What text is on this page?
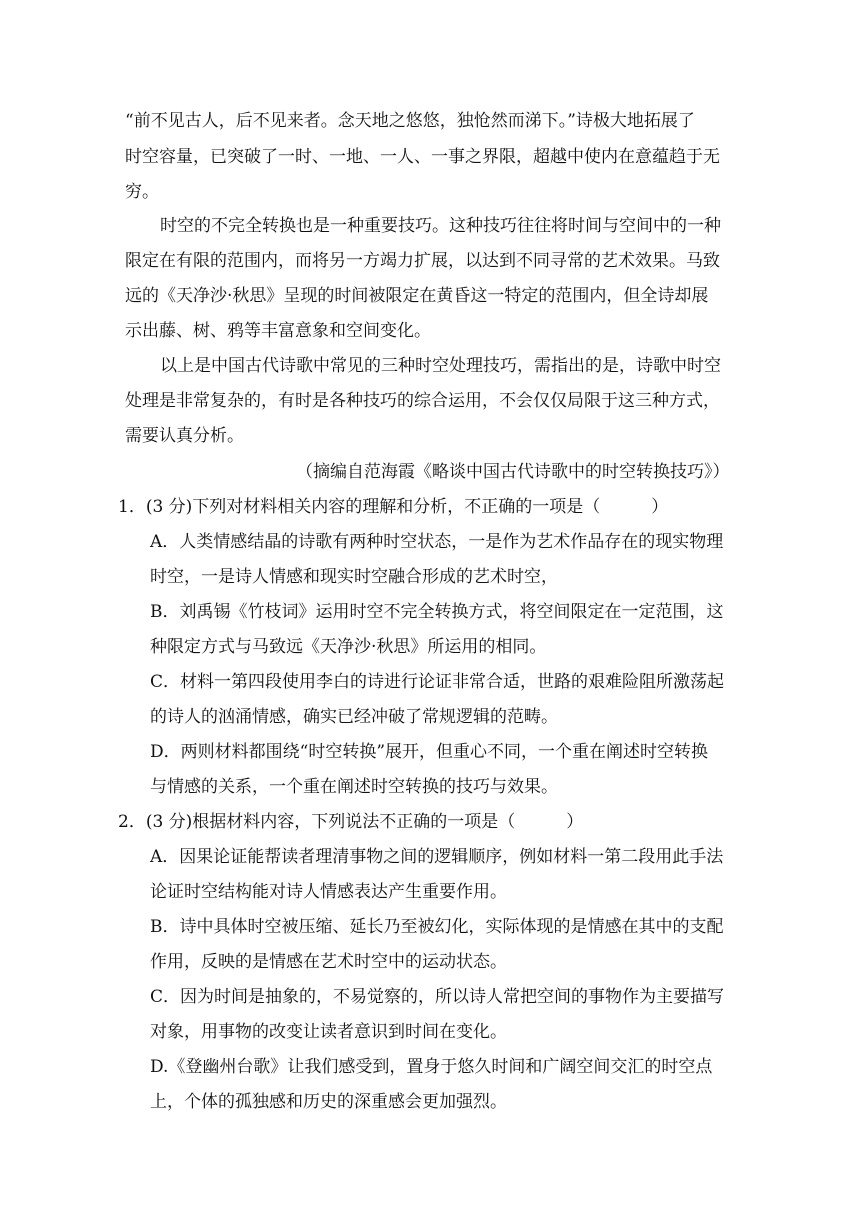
“前不见古人，后不见来者。念天地之悠悠，独怆然而涕下。”诗极大地拓展了
时空容量，已突破了一时、一地、一人、一事之界限，超越中使内在意蕴趋于无
穷。
时空的不完全转换也是一种重要技巧。这种技巧往往将时间与空间中的一种
限定在有限的范围内，而将另一方竭力扩展，以达到不同寻常的艺术效果。马致
远的《天净沙·秋思》呈现的时间被限定在黄昏这一特定的范围内，但全诗却展
示出藤、树、鸦等丰富意象和空间变化。
以上是中国古代诗歌中常见的三种时空处理技巧，需指出的是，诗歌中时空
处理是非常复杂的，有时是各种技巧的综合运用，不会仅仅局限于这三种方式，
需要认真分析。
（摘编自范海霞《略谈中国古代诗歌中的时空转换技巧》）
1．(3 分)下列对材料相关内容的理解和分析，不正确的一项是（　　　）
A．人类情感结晶的诗歌有两种时空状态，一是作为艺术作品存在的现实物理
时空，一是诗人情感和现实时空融合形成的艺术时空，
B．刘禹锡《竹枝词》运用时空不完全转换方式，将空间限定在一定范围，这
种限定方式与马致远《天净沙·秋思》所运用的相同。
C．材料一第四段使用李白的诗进行论证非常合适，世路的艰难险阻所激荡起
的诗人的汹涌情感，确实已经冲破了常规逻辑的范畴。
D．两则材料都围绕“时空转换”展开，但重心不同，一个重在阐述时空转换
与情感的关系，一个重在阐述时空转换的技巧与效果。
2．(3 分)根据材料内容，下列说法不正确的一项是（　　　）
A．因果论证能帮读者理清事物之间的逻辑顺序，例如材料一第二段用此手法
论证时空结构能对诗人情感表达产生重要作用。
B．诗中具体时空被压缩、延长乃至被幻化，实际体现的是情感在其中的支配
作用，反映的是情感在艺术时空中的运动状态。
C．因为时间是抽象的，不易觉察的，所以诗人常把空间的事物作为主要描写
对象，用事物的改变让读者意识到时间在变化。
D.《登幽州台歌》让我们感受到，置身于悠久时间和广阔空间交汇的时空点
上，个体的孤独感和历史的深重感会更加强烈。
